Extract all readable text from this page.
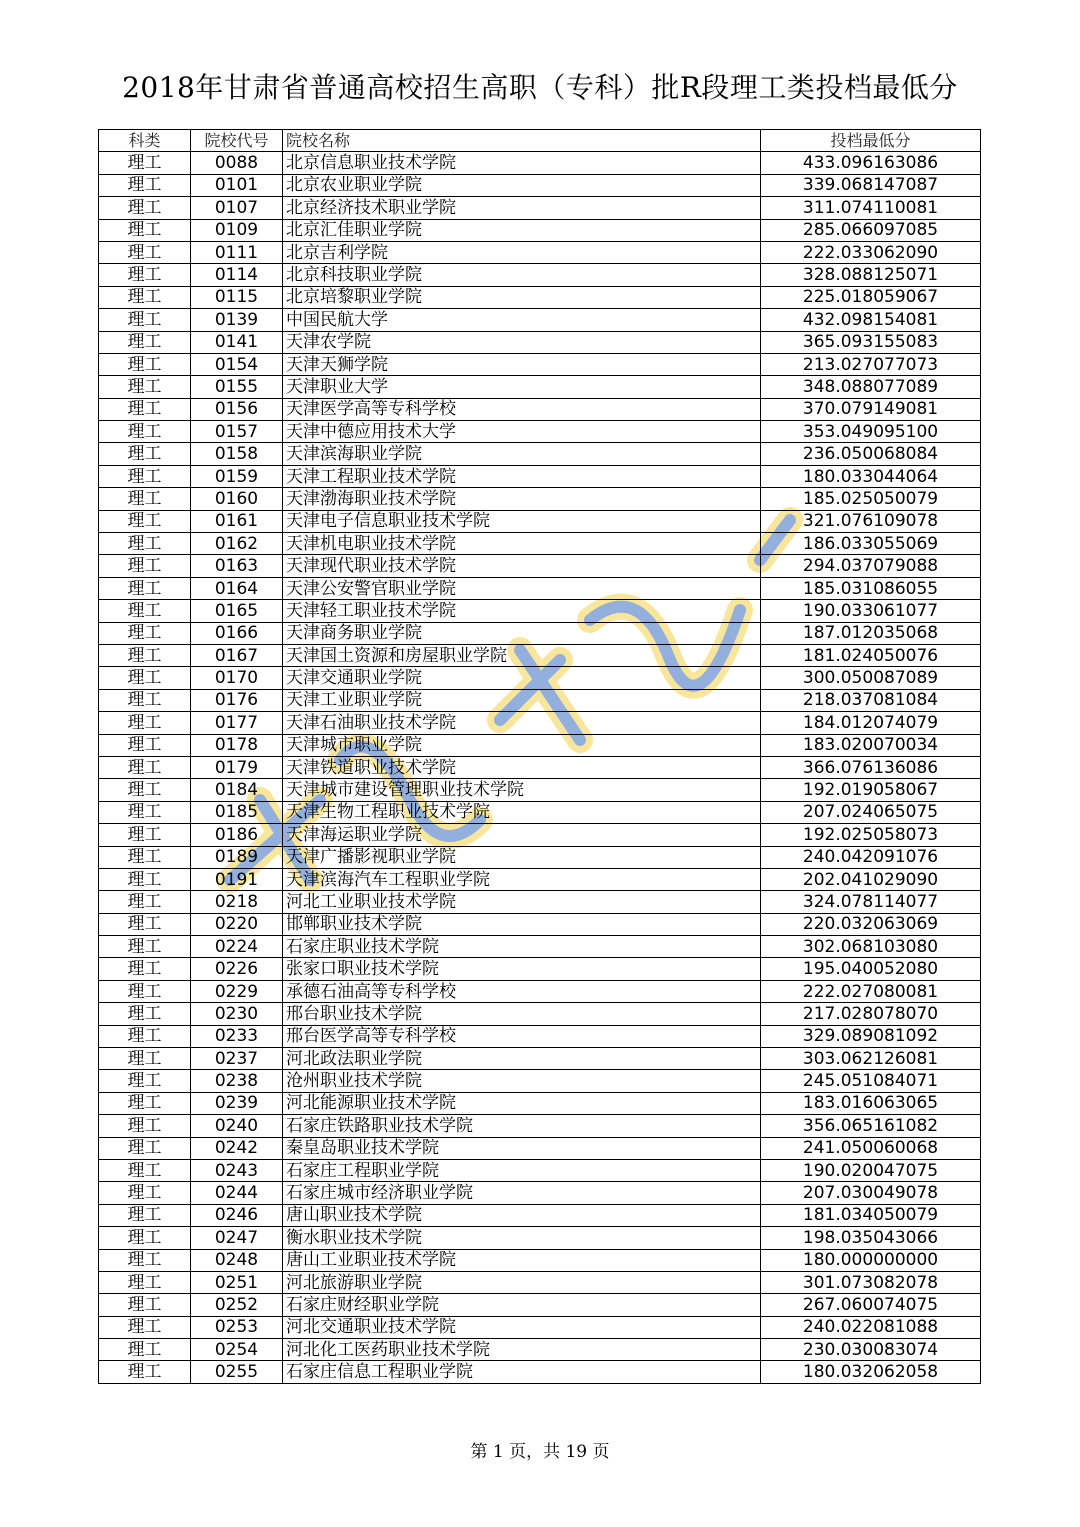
2018年甘肃省普通高校招生高职（专科）批R段理工类投档最低分
科类	院校代号	院校名称	投档最低分
理工	0088	北京信息职业技术学院	433.096163086
理工	0101	北京农业职业学院	339.068147087
理工	0107	北京经济技术职业学院	311.074110081
理工	0109	北京汇佳职业学院	285.066097085
理工	0111	北京吉利学院	222.033062090
理工	0114	北京科技职业学院	328.088125071
理工	0115	北京培黎职业学院	225.018059067
理工	0139	中国民航大学	432.098154081
理工	0141	天津农学院	365.093155083
理工	0154	天津天狮学院	213.027077073
理工	0155	天津职业大学	348.088077089
理工	0156	天津医学高等专科学校	370.079149081
理工	0157	天津中德应用技术大学	353.049095100
理工	0158	天津滨海职业学院	236.050068084
理工	0159	天津工程职业技术学院	180.033044064
理工	0160	天津渤海职业技术学院	185.025050079
理工	0161	天津电子信息职业技术学院	321.076109078
理工	0162	天津机电职业技术学院	186.033055069
理工	0163	天津现代职业技术学院	294.037079088
理工	0164	天津公安警官职业学院	185.031086055
理工	0165	天津轻工职业技术学院	190.033061077
理工	0166	天津商务职业学院	187.012035068
理工	0167	天津国土资源和房屋职业学院	181.024050076
理工	0170	天津交通职业学院	300.050087089
理工	0176	天津工业职业学院	218.037081084
理工	0177	天津石油职业技术学院	184.012074079
理工	0178	天津城市职业学院	183.020070034
理工	0179	天津铁道职业技术学院	366.076136086
理工	0184	天津城市建设管理职业技术学院	192.019058067
理工	0185	天津生物工程职业技术学院	207.024065075
理工	0186	天津海运职业学院	192.025058073
理工	0189	天津广播影视职业学院	240.042091076
理工	0191	天津滨海汽车工程职业学院	202.041029090
理工	0218	河北工业职业技术学院	324.078114077
理工	0220	邯郸职业技术学院	220.032063069
理工	0224	石家庄职业技术学院	302.068103080
理工	0226	张家口职业技术学院	195.040052080
理工	0229	承德石油高等专科学校	222.027080081
理工	0230	邢台职业技术学院	217.028078070
理工	0233	邢台医学高等专科学校	329.089081092
理工	0237	河北政法职业学院	303.062126081
理工	0238	沧州职业技术学院	245.051084071
理工	0239	河北能源职业技术学院	183.016063065
理工	0240	石家庄铁路职业技术学院	356.065161082
理工	0242	秦皇岛职业技术学院	241.050060068
理工	0243	石家庄工程职业学院	190.020047075
理工	0244	石家庄城市经济职业学院	207.030049078
理工	0246	唐山职业技术学院	181.034050079
理工	0247	衡水职业技术学院	198.035043066
理工	0248	唐山工业职业技术学院	180.000000000
理工	0251	河北旅游职业学院	301.073082078
理工	0252	石家庄财经职业学院	267.060074075
理工	0253	河北交通职业技术学院	240.022081088
理工	0254	河北化工医药职业技术学院	230.030083074
理工	0255	石家庄信息工程职业学院	180.032062058
第 1 页，共 19 页
